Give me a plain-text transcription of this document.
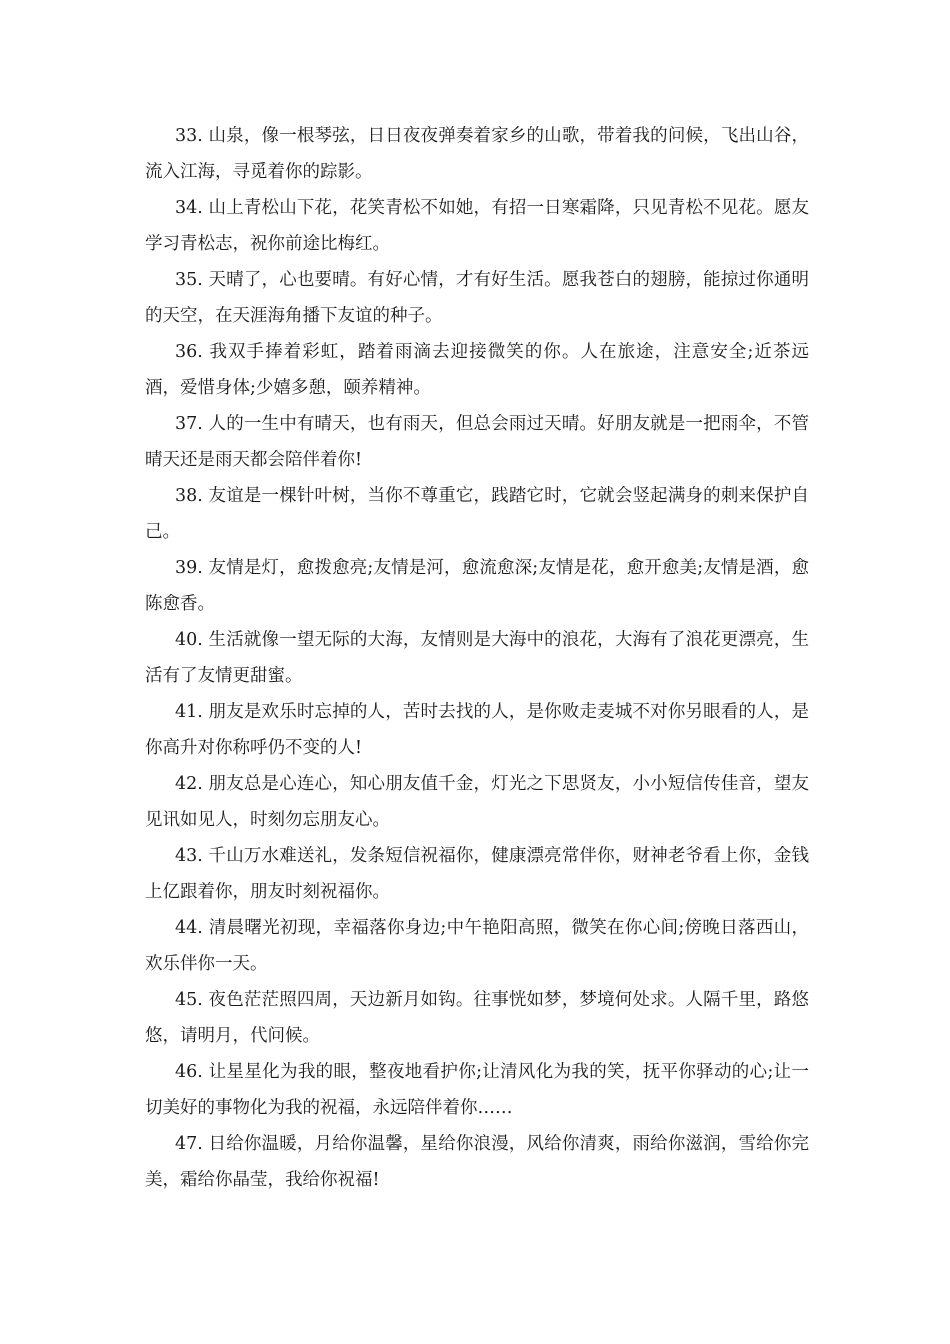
33. 山泉，像一根琴弦，日日夜夜弹奏着家乡的山歌，带着我的问候，飞出山谷，流入江海，寻觅着你的踪影。

34. 山上青松山下花，花笑青松不如她，有招一日寒霜降，只见青松不见花。愿友学习青松志，祝你前途比梅红。

35. 天晴了，心也要晴。有好心情，才有好生活。愿我苍白的翅膀，能掠过你通明的天空，在天涯海角播下友谊的种子。

36. 我双手捧着彩虹，踏着雨滴去迎接微笑的你。人在旅途，注意安全;近茶远酒，爱惜身体;少嬉多憩，颐养精神。

37. 人的一生中有晴天，也有雨天，但总会雨过天晴。好朋友就是一把雨伞，不管晴天还是雨天都会陪伴着你!

38. 友谊是一棵针叶树，当你不尊重它，践踏它时，它就会竖起满身的刺来保护自己。

39. 友情是灯，愈拨愈亮;友情是河，愈流愈深;友情是花，愈开愈美;友情是酒，愈陈愈香。

40. 生活就像一望无际的大海，友情则是大海中的浪花，大海有了浪花更漂亮，生活有了友情更甜蜜。

41. 朋友是欢乐时忘掉的人，苦时去找的人，是你败走麦城不对你另眼看的人，是你高升对你称呼仍不变的人!

42. 朋友总是心连心，知心朋友值千金，灯光之下思贤友，小小短信传佳音，望友见讯如见人，时刻勿忘朋友心。

43. 千山万水难送礼，发条短信祝福你，健康漂亮常伴你，财神老爷看上你，金钱上亿跟着你，朋友时刻祝福你。

44. 清晨曙光初现，幸福落你身边;中午艳阳高照，微笑在你心间;傍晚日落西山，欢乐伴你一天。

45. 夜色茫茫照四周，天边新月如钩。往事恍如梦，梦境何处求。人隔千里，路悠悠，请明月，代问候。

46. 让星星化为我的眼，整夜地看护你;让清风化为我的笑，抚平你驿动的心;让一切美好的事物化为我的祝福，永远陪伴着你……

47. 日给你温暖，月给你温馨，星给你浪漫，风给你清爽，雨给你滋润，雪给你完美，霜给你晶莹，我给你祝福!
